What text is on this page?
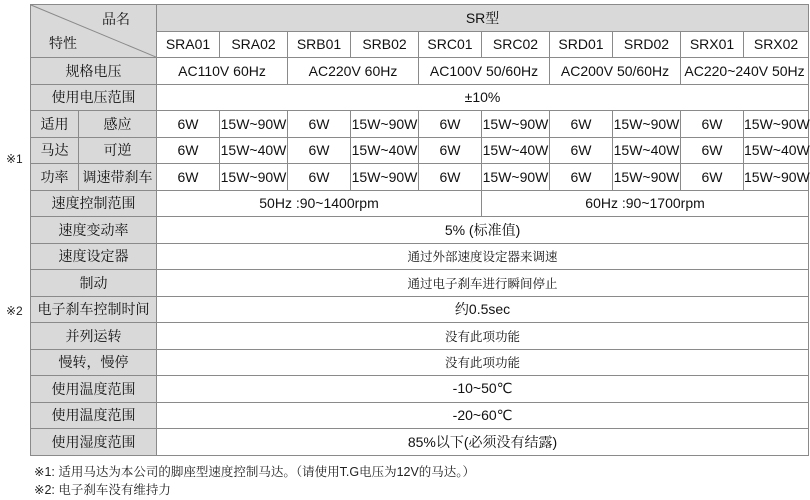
品名
特性		SR型									
		SRA01	SRA02	SRB01	SRB02	SRC01	SRC02	SRD01	SRD02	SRX01	SRX02
规格电压		AC110V 60Hz		AC220V 60Hz		AC100V 50/60Hz		AC200V 50/60Hz		AC220~240V 50Hz	
使用电压范围		±10%									
适用	感应	6W	15W~90W	6W	15W~90W	6W	15W~90W	6W	15W~90W	6W	15W~90W
马达	可逆	6W	15W~40W	6W	15W~40W	6W	15W~40W	6W	15W~40W	6W	15W~40W
功率	调速带刹车	6W	15W~90W	6W	15W~90W	6W	15W~90W	6W	15W~90W	6W	15W~90W
速度控制范围		50Hz :90~1400rpm					60Hz :90~1700rpm				
速度变动率		5% (标准值)									
速度设定器		通过外部速度设定器来调速									
制动		通过电子刹车进行瞬间停止									
电子刹车控制时间		约0.5sec									
并列运转		没有此项功能									
慢转，慢停		没有此项功能									
使用温度范围		-10~50℃									
使用温度范围		-20~60℃									
使用湿度范围		85%以下(必须没有结露)									
※1
※2
※1: 适用马达为本公司的脚座型速度控制马达。（请使用T.G电压为12V的马达。）
※2: 电子刹车没有维持力
